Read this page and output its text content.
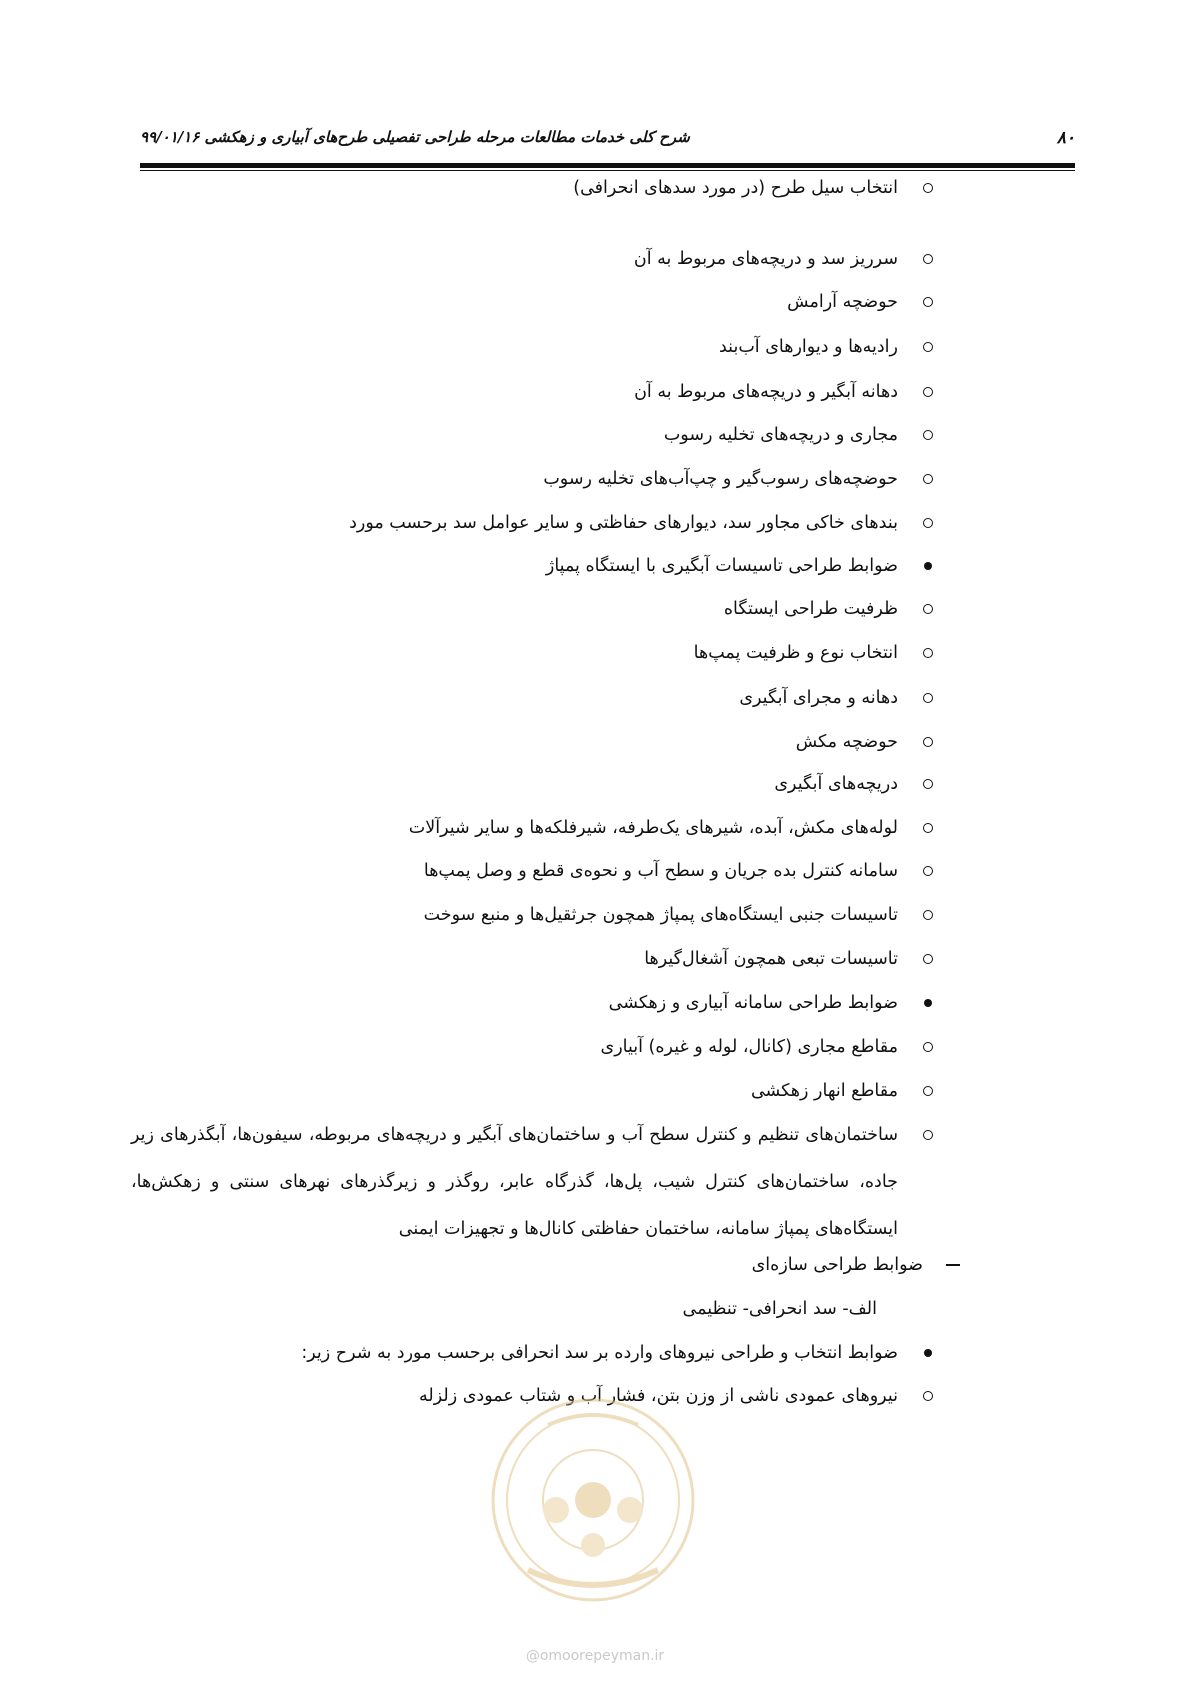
۸۰
شرح کلی خدمات مطالعات مرحله طراحی تفصیلی طرح‌های آبیاری و زهکشی ۹۹/۰۱/۱۶
انتخاب سیل طرح (در مورد سدهای انحرافی)
سرریز سد و دریچه‌های مربوط به آن
حوضچه آرامش
رادیه‌ها و دیوارهای آب‌بند
دهانه آبگیر و دریچه‌های مربوط به آن
مجاری و دریچه‌های تخلیه رسوب
حوضچه‌های رسوب‌گیر و چپ‌آب‌های تخلیه رسوب
بندهای خاکی مجاور سد، دیوارهای حفاظتی و سایر عوامل سد برحسب مورد
ضوابط طراحی تاسیسات آبگیری با ایستگاه پمپاژ
ظرفیت طراحی ایستگاه
انتخاب نوع و ظرفیت پمپ‌ها
دهانه و مجرای آبگیری
حوضچه مکش
دریچه‌های آبگیری
لوله‌های مکش، آبده، شیرهای یک‌طرفه، شیرفلکه‌ها و سایر شیرآلات
سامانه کنترل بده جریان و سطح آب و نحوه‌ی قطع و وصل پمپ‌ها
تاسیسات جنبی ایستگاه‌های پمپاژ همچون جرثقیل‌ها و منبع سوخت
تاسیسات تبعی همچون آشغال‌گیرها
ضوابط طراحی سامانه آبیاری و زهکشی
مقاطع مجاری (کانال، لوله و غیره) آبیاری
مقاطع انهار زهکشی
ساختمان‌های تنظیم و کنترل سطح آب و ساختمان‌های آبگیر و دریچه‌های مربوطه، سیفون‌ها، آبگذرهای زیر جاده، ساختمان‌های کنترل شیب، پل‌ها، گذرگاه عابر، روگذر و زیرگذرهای نهرهای سنتی و زهکش‌ها، ایستگاه‌های پمپاژ سامانه، ساختمان حفاظتی کانال‌ها و تجهیزات ایمنی
ضوابط طراحی سازه‌ای
الف- سد انحرافی- تنظیمی
ضوابط انتخاب و طراحی نیروهای وارده بر سد انحرافی برحسب مورد به شرح زیر:
نیروهای عمودی ناشی از وزن بتن، فشار آب و شتاب عمودی زلزله
@omoorepeyman.ir
